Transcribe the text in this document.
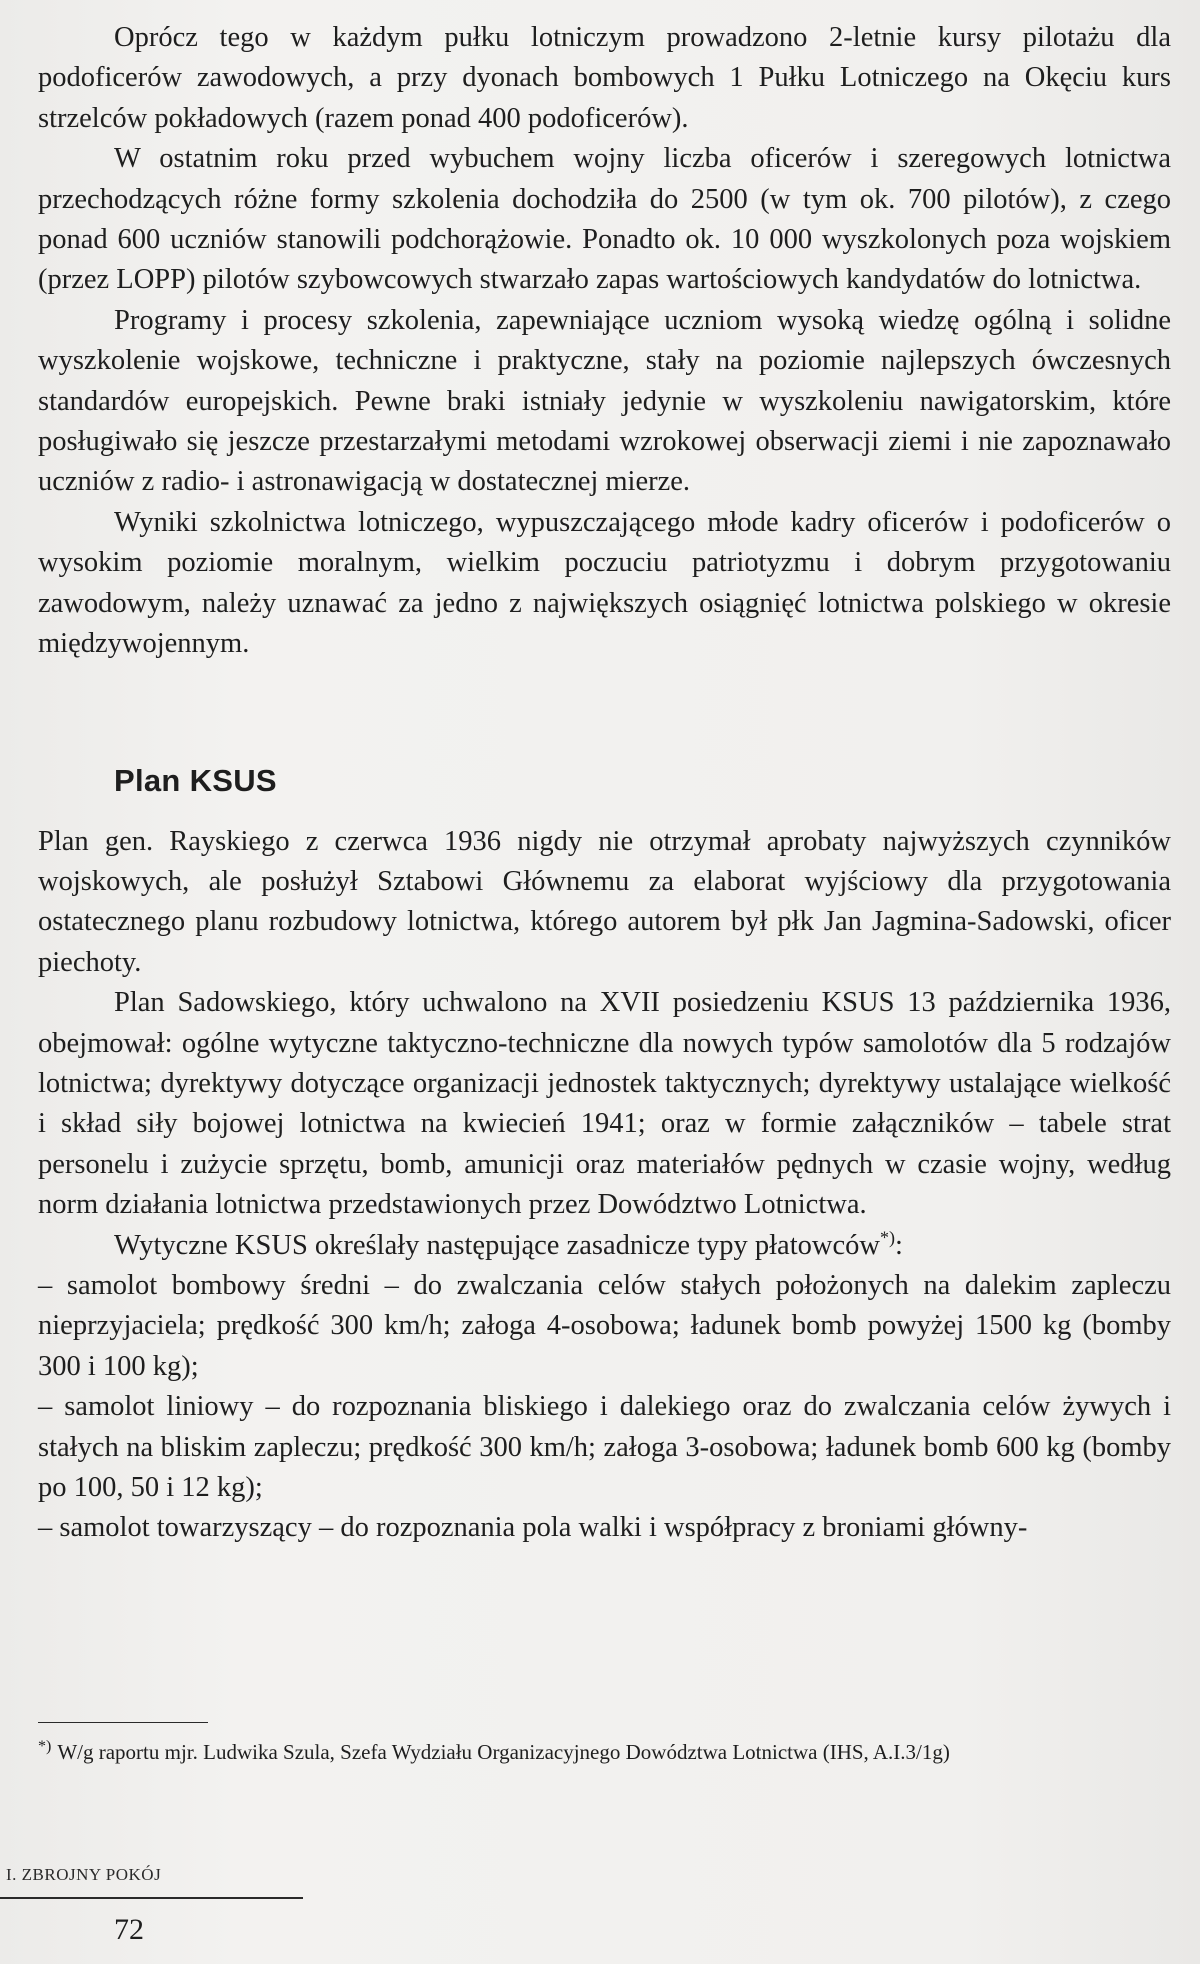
Oprócz tego w każdym pułku lotniczym prowadzono 2-letnie kursy pilotażu dla podoficerów zawodowych, a przy dyonach bombowych 1 Pułku Lotniczego na Okęciu kurs strzelców pokładowych (razem ponad 400 podoficerów).

W ostatnim roku przed wybuchem wojny liczba oficerów i szeregowych lotnictwa przechodzących różne formy szkolenia dochodziła do 2500 (w tym ok. 700 pilotów), z czego ponad 600 uczniów stanowili podchorążowie. Ponadto ok. 10 000 wyszkolonych poza wojskiem (przez LOPP) pilotów szybowcowych stwarzało zapas wartościowych kandydatów do lotnictwa.

Programy i procesy szkolenia, zapewniające uczniom wysoką wiedzę ogólną i solidne wyszkolenie wojskowe, techniczne i praktyczne, stały na poziomie najlepszych ówczesnych standardów europejskich. Pewne braki istniały jedynie w wyszkoleniu nawigatorskim, które posługiwało się jeszcze przestarzałymi metodami wzrokowej obserwacji ziemi i nie zapoznawało uczniów z radio- i astronawigacją w dostatecznej mierze.

Wyniki szkolnictwa lotniczego, wypuszczającego młode kadry oficerów i podoficerów o wysokim poziomie moralnym, wielkim poczuciu patriotyzmu i dobrym przygotowaniu zawodowym, należy uznawać za jedno z największych osiągnięć lotnictwa polskiego w okresie międzywojennym.

Plan KSUS

Plan gen. Rayskiego z czerwca 1936 nigdy nie otrzymał aprobaty najwyższych czynników wojskowych, ale posłużył Sztabowi Głównemu za elaborat wyjściowy dla przygotowania ostatecznego planu rozbudowy lotnictwa, którego autorem był płk Jan Jagmina-Sadowski, oficer piechoty.

Plan Sadowskiego, który uchwalono na XVII posiedzeniu KSUS 13 października 1936, obejmował: ogólne wytyczne taktyczno-techniczne dla nowych typów samolotów dla 5 rodzajów lotnictwa; dyrektywy dotyczące organizacji jednostek taktycznych; dyrektywy ustalające wielkość i skład siły bojowej lotnictwa na kwiecień 1941; oraz w formie załączników – tabele strat personelu i zużycie sprzętu, bomb, amunicji oraz materiałów pędnych w czasie wojny, według norm działania lotnictwa przedstawionych przez Dowództwo Lotnictwa.

Wytyczne KSUS określały następujące zasadnicze typy płatowców*):

– samolot bombowy średni – do zwalczania celów stałych położonych na dalekim zapleczu nieprzyjaciela; prędkość 300 km/h; załoga 4-osobowa; ładunek bomb powyżej 1500 kg (bomby 300 i 100 kg);

– samolot liniowy – do rozpoznania bliskiego i dalekiego oraz do zwalczania celów żywych i stałych na bliskim zapleczu; prędkość 300 km/h; załoga 3-osobowa; ładunek bomb 600 kg (bomby po 100, 50 i 12 kg);

– samolot towarzyszący – do rozpoznania pola walki i współpracy z broniami główny-

*) W/g raportu mjr. Ludwika Szula, Szefa Wydziału Organizacyjnego Dowództwa Lotnictwa (IHS, A.I.3/1g)
I. ZBROJNY POKÓJ
72
